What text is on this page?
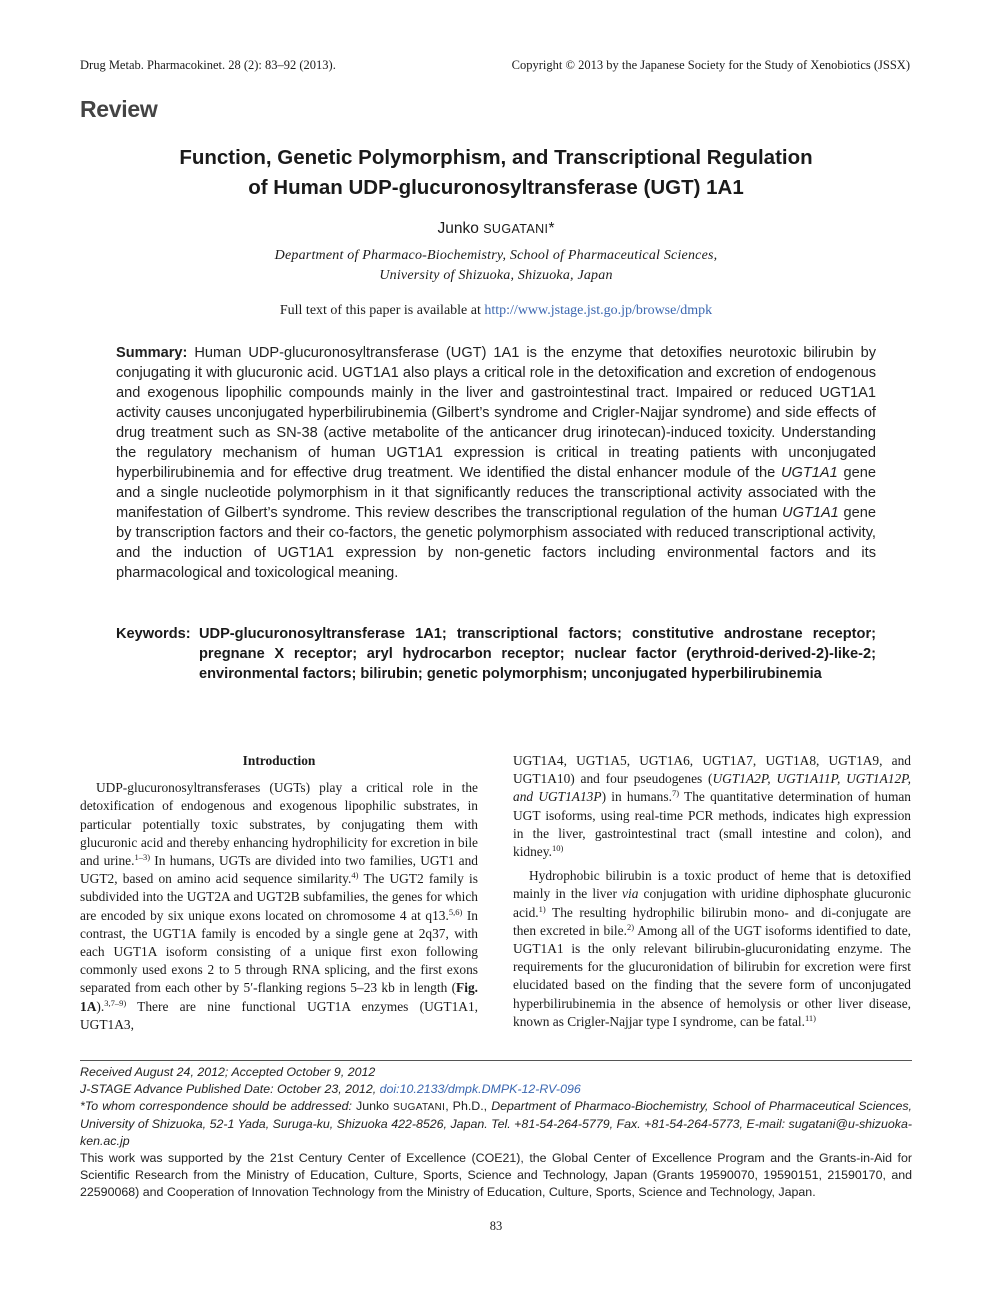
Drug Metab. Pharmacokinet. 28 (2): 83–92 (2013).	Copyright © 2013 by the Japanese Society for the Study of Xenobiotics (JSSX)
Review
Function, Genetic Polymorphism, and Transcriptional Regulation
of Human UDP-glucuronosyltransferase (UGT) 1A1
Junko SUGATANI*
Department of Pharmaco-Biochemistry, School of Pharmaceutical Sciences,
University of Shizuoka, Shizuoka, Japan
Full text of this paper is available at http://www.jstage.jst.go.jp/browse/dmpk
Summary: Human UDP-glucuronosyltransferase (UGT) 1A1 is the enzyme that detoxifies neurotoxic bilirubin by conjugating it with glucuronic acid. UGT1A1 also plays a critical role in the detoxification and excretion of endogenous and exogenous lipophilic compounds mainly in the liver and gastrointestinal tract. Impaired or reduced UGT1A1 activity causes unconjugated hyperbilirubinemia (Gilbert’s syndrome and Crigler-Najjar syndrome) and side effects of drug treatment such as SN-38 (active metabolite of the anticancer drug irinotecan)-induced toxicity. Understanding the regulatory mechanism of human UGT1A1 expression is critical in treating patients with unconjugated hyperbilirubinemia and for effective drug treatment. We identified the distal enhancer module of the UGT1A1 gene and a single nucleotide polymorphism in it that significantly reduces the transcriptional activity associated with the manifestation of Gilbert’s syndrome. This review describes the transcriptional regulation of the human UGT1A1 gene by transcription factors and their co-factors, the genetic polymorphism associated with reduced transcriptional activity, and the induction of UGT1A1 expression by non-genetic factors including environmental factors and its pharmacological and toxicological meaning.
Keywords: UDP-glucuronosyltransferase 1A1; transcriptional factors; constitutive androstane receptor; pregnane X receptor; aryl hydrocarbon receptor; nuclear factor (erythroid-derived-2)-like-2; environmental factors; bilirubin; genetic polymorphism; unconjugated hyperbilirubinemia
Introduction

UDP-glucuronosyltransferases (UGTs) play a critical role in the detoxification of endogenous and exogenous lipophilic substrates, in particular potentially toxic substrates, by conjugating them with glucuronic acid and thereby enhancing hydrophilicity for excretion in bile and urine.$^{1-3)}$ In humans, UGTs are divided into two families, UGT1 and UGT2, based on amino acid sequence similarity.$^{4)}$ The UGT2 family is subdivided into the UGT2A and UGT2B subfamilies, the genes for which are encoded by six unique exons located on chromosome 4 at q13.$^{5,6)}$ In contrast, the UGT1A family is encoded by a single gene at 2q37, with each UGT1A isoform consisting of a unique first exon following commonly used exons 2 to 5 through RNA splicing, and the first exons separated from each other by 5′-flanking regions 5–23 kb in length (Fig. 1A).$^{3,7-9)}$ There are nine functional UGT1A enzymes (UGT1A1, UGT1A3,

UGT1A4, UGT1A5, UGT1A6, UGT1A7, UGT1A8, UGT1A9, and UGT1A10) and four pseudogenes (UGT1A2P, UGT1A11P, UGT1A12P, and UGT1A13P) in humans.$^{7)}$ The quantitative determination of human UGT isoforms, using real-time PCR methods, indicates high expression in the liver, gastrointestinal tract (small intestine and colon), and kidney.$^{10)}$

Hydrophobic bilirubin is a toxic product of heme that is detoxified mainly in the liver via conjugation with uridine diphosphate glucuronic acid.$^{1)}$ The resulting hydrophilic bilirubin mono- and di-conjugate are then excreted in bile.$^{2)}$ Among all of the UGT isoforms identified to date, UGT1A1 is the only relevant bilirubin-glucuronidating enzyme. The requirements for the glucuronidation of bilirubin for excretion were first elucidated based on the finding that the severe form of unconjugated hyperbilirubinemia in the absence of hemolysis or other liver disease, known as Crigler-Najjar type I syndrome, can be fatal.$^{11)}$

Received August 24, 2012; Accepted October 9, 2012

J-STAGE Advance Published Date: October 23, 2012, doi:10.2133/dmpk.DMPK-12-RV-096

*To whom correspondence should be addressed: Junko SUGATANI, Ph.D., Department of Pharmaco-Biochemistry, School of Pharmaceutical Sciences, University of Shizuoka, 52-1 Yada, Suruga-ku, Shizuoka 422-8526, Japan. Tel. +81-54-264-5779, Fax. +81-54-264-5773, E-mail: sugatani@u-shizuoka-ken.ac.jp

This work was supported by the 21st Century Center of Excellence (COE21), the Global Center of Excellence Program and the Grants-in-Aid for Scientific Research from the Ministry of Education, Culture, Sports, Science and Technology, Japan (Grants 19590070, 19590151, 21590170, and 22590068) and Cooperation of Innovation Technology from the Ministry of Education, Culture, Sports, Science and Technology, Japan.

83
